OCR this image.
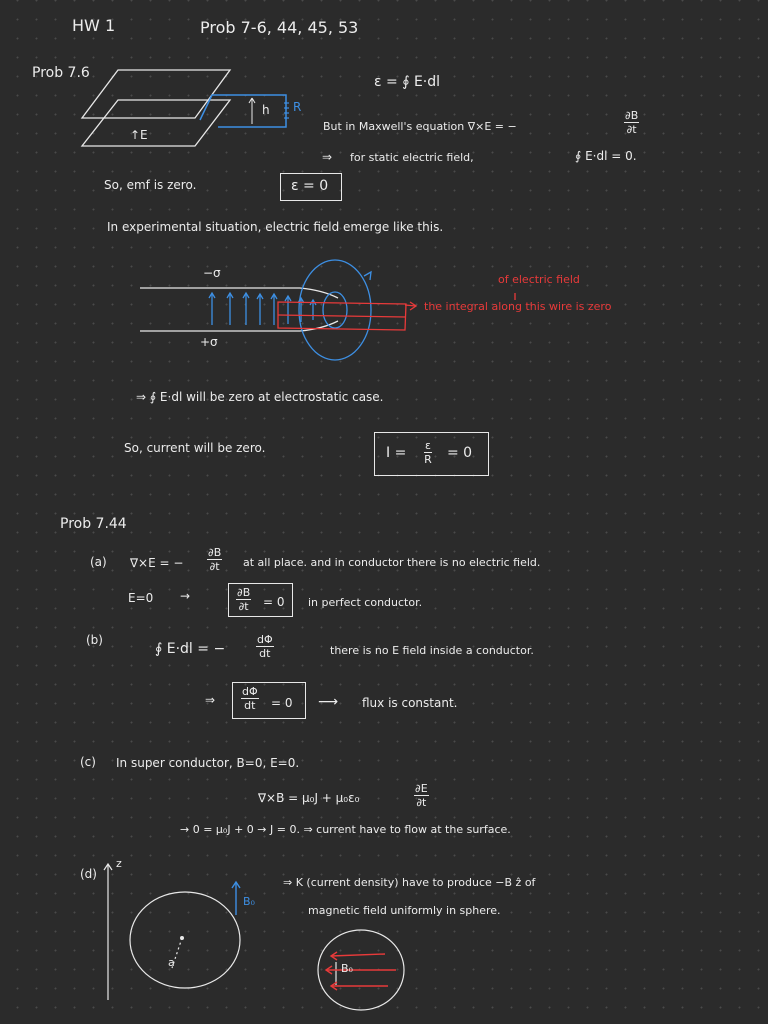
HW 1	Prob 7-6, 44, 45, 53
Prob 7.6
h R
↑E
ε = ∮ E·dl
But in Maxwell's equation ∇×E = −	$\frac{\partial B}{\partial t}$
⇒ for static electric field,	∮ E·dl = 0.
So, emf is zero.	ε = 0
In experimental situation, electric field emerge like this.
−σ
+σ
of electric field
the integral along this wire is zero
⇒ ∮ E·dl will be zero at electrostatic case.
So, current will be zero.	$I = \frac{\varepsilon}{R} = 0$
Prob 7.44
(a) ∇×E = − $\frac{\partial B}{\partial t}$ at all place. and in conductor there is no electric field.
E=0 →	$\frac{\partial B}{\partial t} = 0$ in perfect conductor.
(b)
∮ E·dl = −	$\frac{d\Phi}{dt}$	there is no E field inside a conductor.
⇒ $\frac{d\Phi}{dt} = 0$ ⟶ flux is constant.
(c) In super conductor, B=0, E=0.
∇×B = μ₀J + μ₀ε₀	$\frac{\partial E}{\partial t}$
→ 0 = μ₀J + 0 → J = 0. ⇒ current have to flow at the surface.
(d)
z
B₀
a	B₀
⇒ K (current density) have to produce −B ẑ of
magnetic field uniformly in sphere.
